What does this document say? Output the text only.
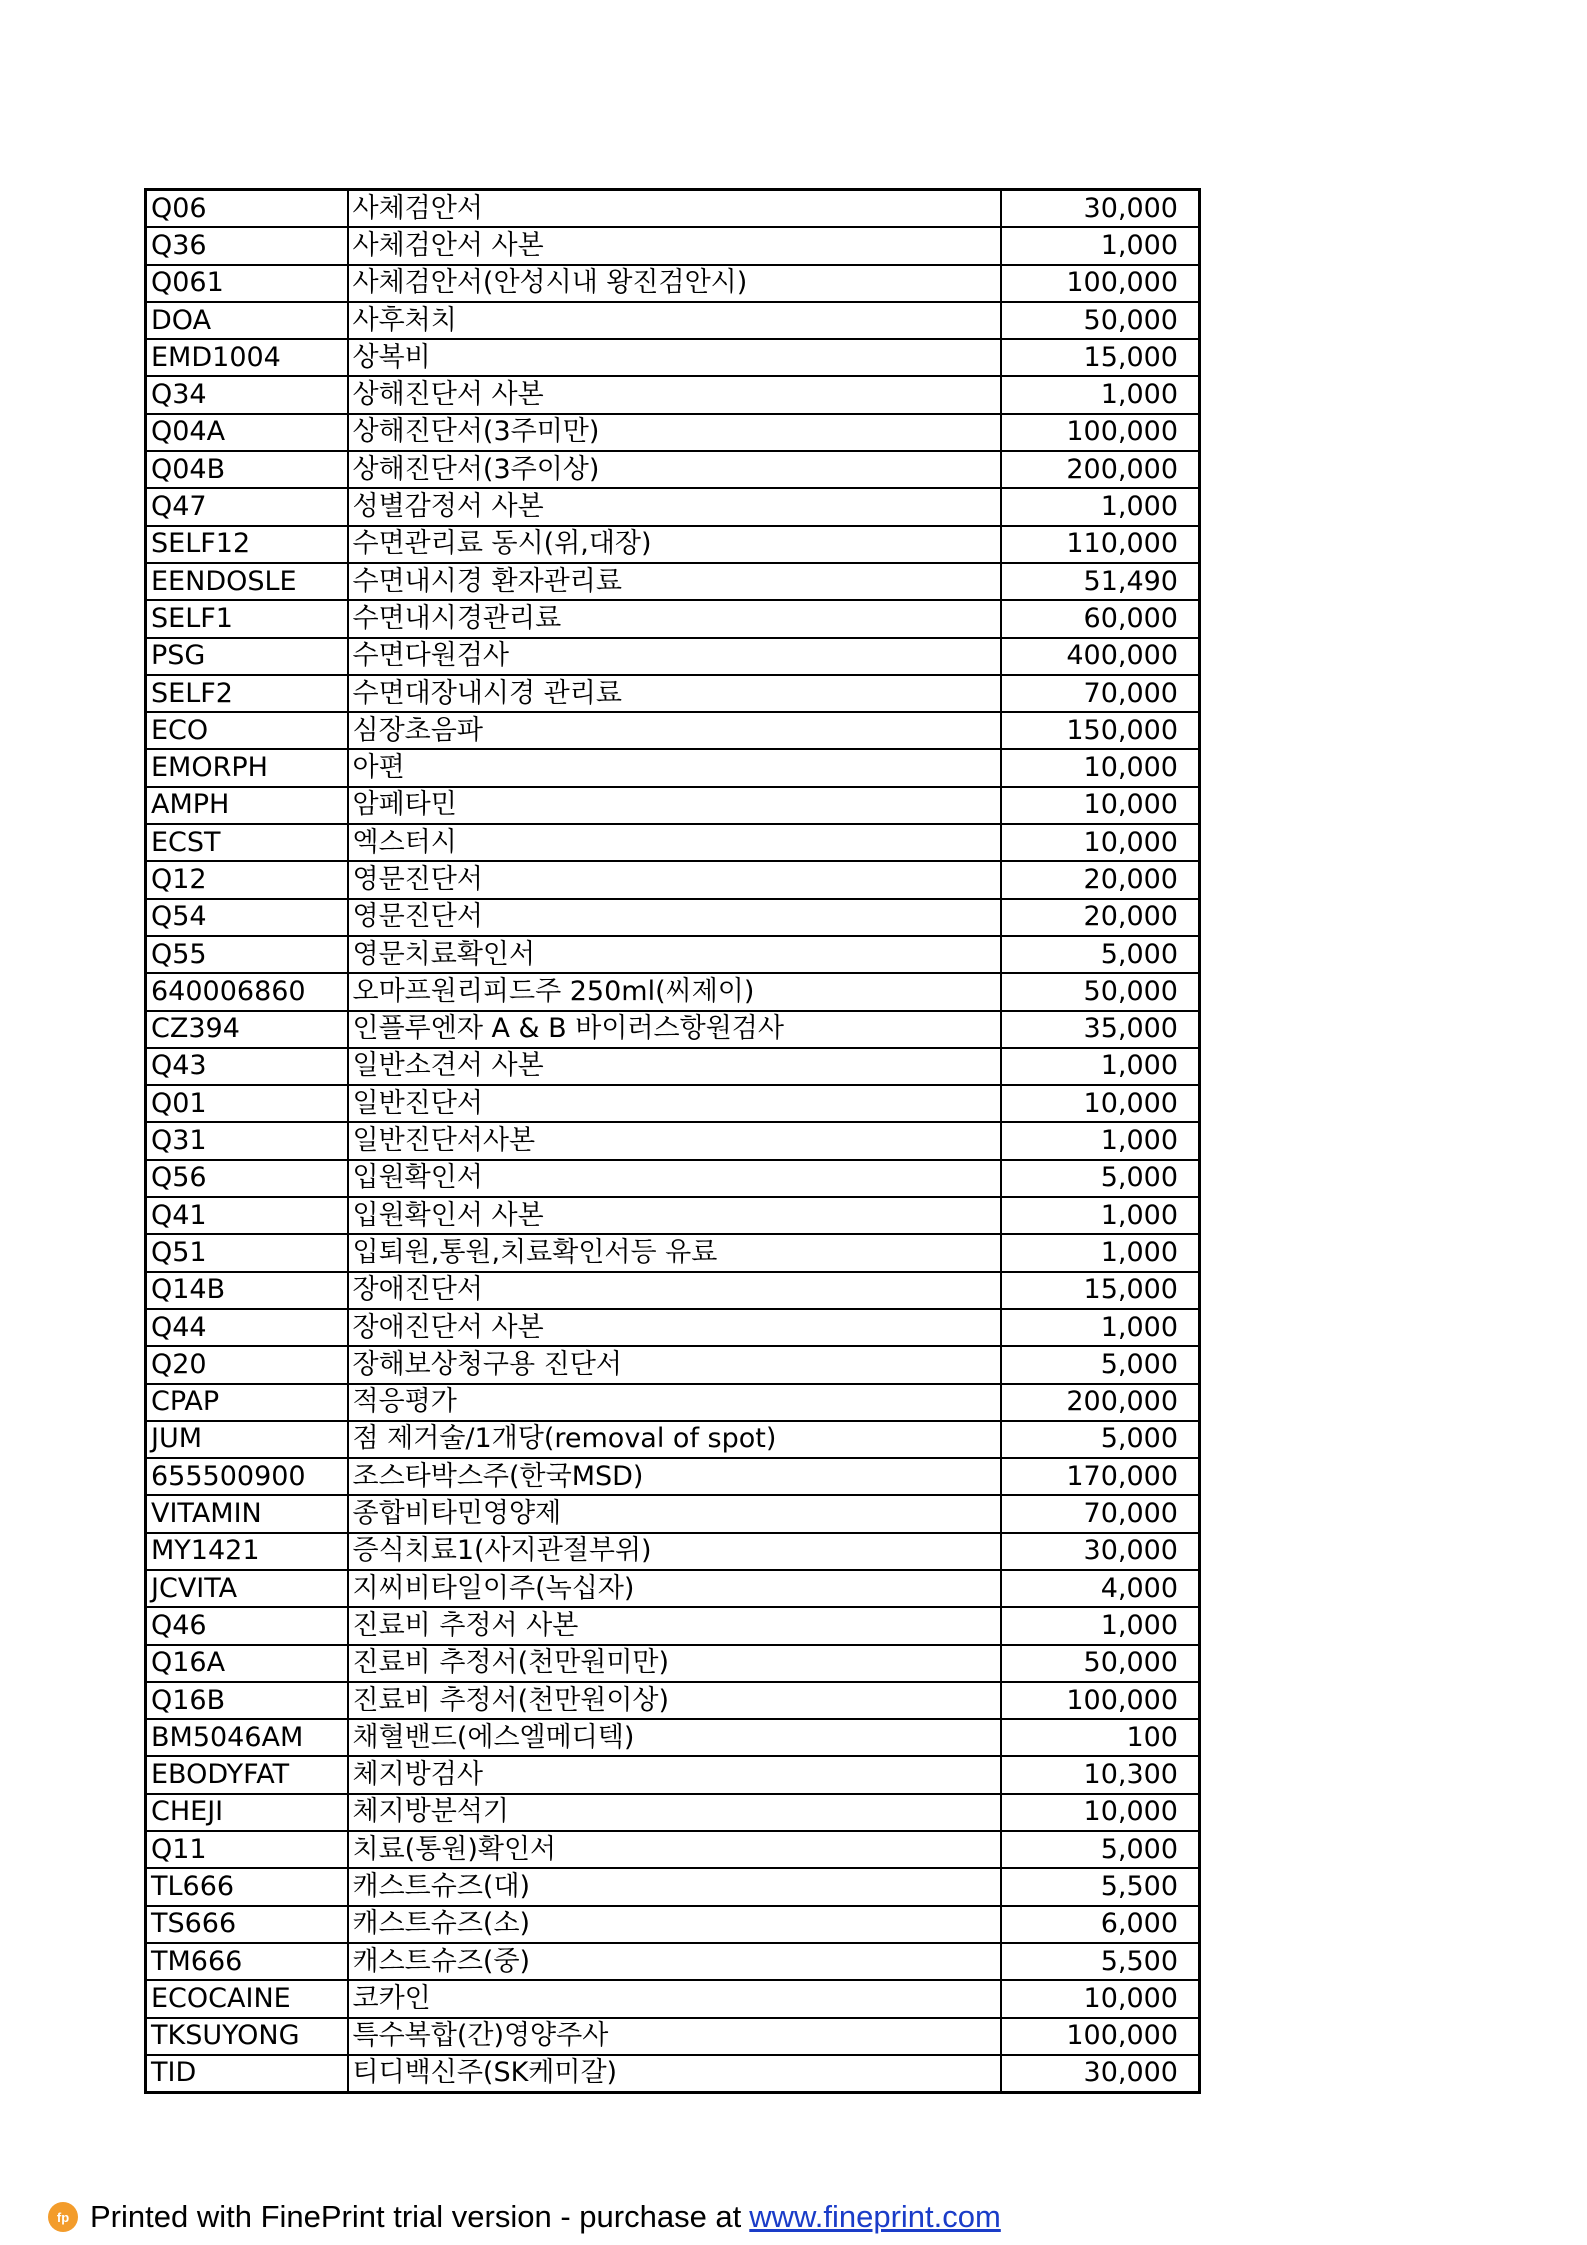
Q06	사체검안서	30,000
Q36	사체검안서 사본	1,000
Q061	사체검안서(안성시내 왕진검안시)	100,000
DOA	사후처치	50,000
EMD1004	상복비	15,000
Q34	상해진단서 사본	1,000
Q04A	상해진단서(3주미만)	100,000
Q04B	상해진단서(3주이상)	200,000
Q47	성별감정서 사본	1,000
SELF12	수면관리료 동시(위,대장)	110,000
EENDOSLE	수면내시경 환자관리료	51,490
SELF1	수면내시경관리료	60,000
PSG	수면다원검사	400,000
SELF2	수면대장내시경 관리료	70,000
ECO	심장초음파	150,000
EMORPH	아편	10,000
AMPH	암페타민	10,000
ECST	엑스터시	10,000
Q12	영문진단서	20,000
Q54	영문진단서	20,000
Q55	영문치료확인서	5,000
640006860	오마프원리피드주 250ml(씨제이)	50,000
CZ394	인플루엔자 A & B 바이러스항원검사	35,000
Q43	일반소견서 사본	1,000
Q01	일반진단서	10,000
Q31	일반진단서사본	1,000
Q56	입원확인서	5,000
Q41	입원확인서 사본	1,000
Q51	입퇴원,통원,치료확인서등 유료	1,000
Q14B	장애진단서	15,000
Q44	장애진단서 사본	1,000
Q20	장해보상청구용 진단서	5,000
CPAP	적응평가	200,000
JUM	점 제거술/1개당(removal of spot)	5,000
655500900	조스타박스주(한국MSD)	170,000
VITAMIN	종합비타민영양제	70,000
MY1421	증식치료1(사지관절부위)	30,000
JCVITA	지씨비타일이주(녹십자)	4,000
Q46	진료비 추정서 사본	1,000
Q16A	진료비 추정서(천만원미만)	50,000
Q16B	진료비 추정서(천만원이상)	100,000
BM5046AM	채혈밴드(에스엘메디텍)	100
EBODYFAT	체지방검사	10,300
CHEJI	체지방분석기	10,000
Q11	치료(통원)확인서	5,000
TL666	캐스트슈즈(대)	5,500
TS666	캐스트슈즈(소)	6,000
TM666	캐스트슈즈(중)	5,500
ECOCAINE	코카인	10,000
TKSUYONG	특수복합(간)영양주사	100,000
TID	티디백신주(SK케미갈)	30,000
fp Printed with FinePrint trial version - purchase at www.fineprint.com
